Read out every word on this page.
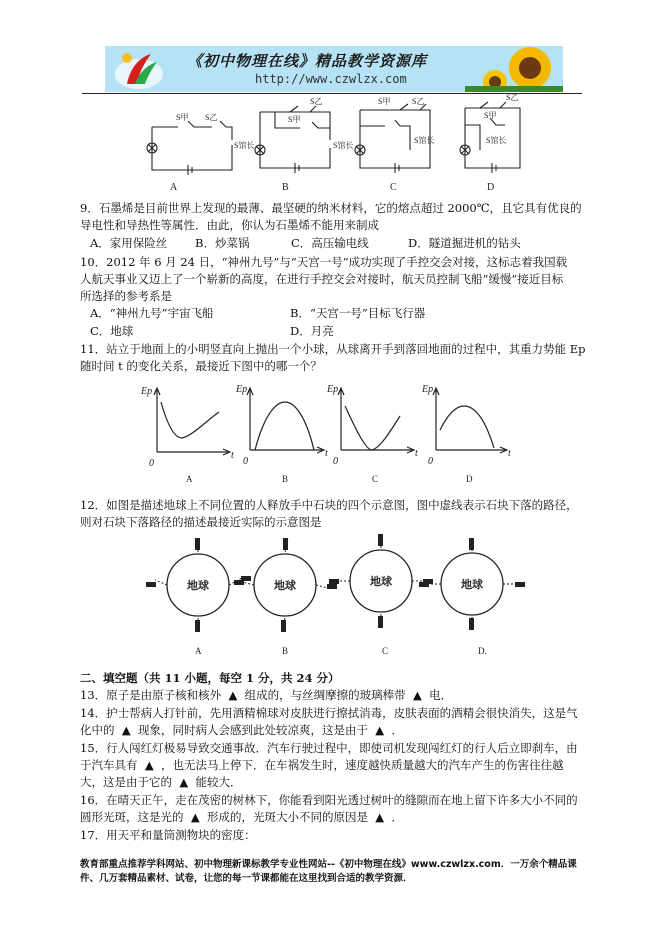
《初中物理在线》精品教学资源库
http://www.czwlzx.com
S甲 S乙
S馆长
S乙
S甲
S馆长
S甲	S乙
S馆长
S乙
S甲
S馆长
A	B	C	D
9．石墨烯是目前世界上发现的最薄、最坚硬的纳米材料，它的熔点超过 2000℃，且它具有优良的
导电性和导热性等属性．由此，你认为石墨烯不能用来制成
A．家用保险丝 B．炒菜锅	C．高压输电线	D．隧道掘进机的钻头
10．2012 年 6 月 24 日，“神州九号”与“天宫一号”成功实现了手控交会对接，这标志着我国载
人航天事业又迈上了一个崭新的高度，在进行手控交会对接时，航天员控制飞船“缓慢”接近目标
所选择的参考系是
A．“神州九号”宇宙飞船	B．“天宫一号”目标飞行器
C．地球	D．月亮
11．站立于地面上的小明竖直向上抛出一个小球，从球离开手到落回地面的过程中，其重力势能 Ep
随时间 t 的变化关系，最接近下图中的哪一个？
Ep	Ep	Ep	Ep
t	t	t	t
0	0	0	0
A	B	C	D
12．如图是描述地球上不同位置的人释放手中石块的四个示意图，图中虚线表示石块下落的路径，
则对石块下落路径的描述最接近实际的示意图是
地球	地球	地球	地球
A	B	C	D.
二、填空题（共 11 小题，每空 1 分，共 24 分）
13．原子是由原子核和核外 ▲ 组成的，与丝绸摩擦的玻璃棒带 ▲ 电．
14．护士帮病人打针前，先用酒精棉球对皮肤进行擦拭消毒，皮肤表面的酒精会很快消失，这是气
化中的 ▲ 现象，同时病人会感到此处较凉爽，这是由于 ▲ ．
15．行人闯红灯极易导致交通事故．汽车行驶过程中，即使司机发现闯红灯的行人后立即刹车，由
于汽车具有 ▲ ，也无法马上停下．在车祸发生时，速度越快质量越大的汽车产生的伤害往往越
大，这是由于它的 ▲ 能较大．
16．在晴天正午，走在茂密的树林下，你能看到阳光透过树叶的缝隙而在地上留下许多大小不同的
圆形光斑，这是光的 ▲ 形成的，光斑大小不同的原因是 ▲ ．
17．用天平和量筒测物块的密度：
教育部重点推荐学科网站、初中物理新课标教学专业性网站--《初中物理在线》www.czwlzx.com．一万余个精品课
件、几万套精品素材、试卷，让您的每一节课都能在这里找到合适的教学资源．
